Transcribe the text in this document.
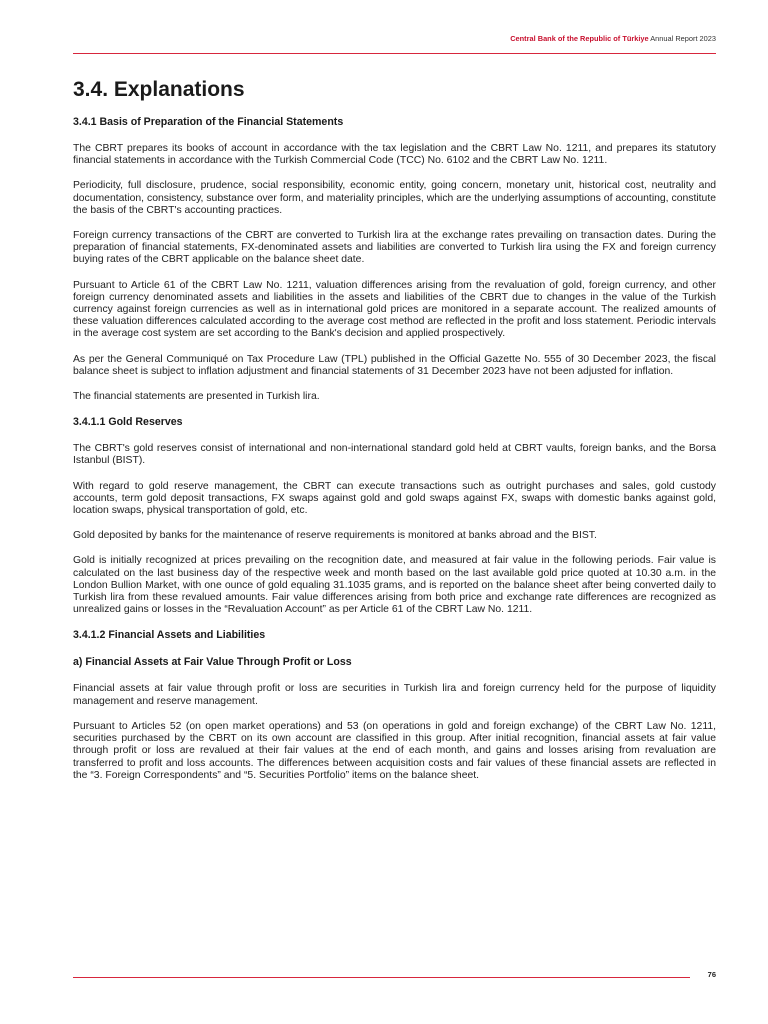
Central Bank of the Republic of Türkiye Annual Report 2023
3.4. Explanations
3.4.1 Basis of Preparation of the Financial Statements

The CBRT prepares its books of account in accordance with the tax legislation and the CBRT Law No. 1211, and prepares its statutory financial statements in accordance with the Turkish Commercial Code (TCC) No. 6102 and the CBRT Law No. 1211.

Periodicity, full disclosure, prudence, social responsibility, economic entity, going concern, monetary unit, historical cost, neutrality and documentation, consistency, substance over form, and materiality principles, which are the underlying assumptions of accounting, constitute the basis of the CBRT's accounting practices.

Foreign currency transactions of the CBRT are converted to Turkish lira at the exchange rates prevailing on transaction dates. During the preparation of financial statements, FX-denominated assets and liabilities are converted to Turkish lira using the FX and foreign currency buying rates of the CBRT applicable on the balance sheet date.

Pursuant to Article 61 of the CBRT Law No. 1211, valuation differences arising from the revaluation of gold, foreign currency, and other foreign currency denominated assets and liabilities in the assets and liabilities of the CBRT due to changes in the value of the Turkish currency against foreign currencies as well as in international gold prices are monitored in a separate account. The realized amounts of these valuation differences calculated according to the average cost method are reflected in the profit and loss statement. Periodic intervals in the average cost system are set according to the Bank's decision and applied prospectively.

As per the General Communiqué on Tax Procedure Law (TPL) published in the Official Gazette No. 555 of 30 December 2023, the fiscal balance sheet is subject to inflation adjustment and financial statements of 31 December 2023 have not been adjusted for inflation.

The financial statements are presented in Turkish lira.

3.4.1.1 Gold Reserves

The CBRT's gold reserves consist of international and non-international standard gold held at CBRT vaults, foreign banks, and the Borsa Istanbul (BIST).

With regard to gold reserve management, the CBRT can execute transactions such as outright purchases and sales, gold custody accounts, term gold deposit transactions, FX swaps against gold and gold swaps against FX, swaps with domestic banks against gold, location swaps, physical transportation of gold, etc.

Gold deposited by banks for the maintenance of reserve requirements is monitored at banks abroad and the BIST.

Gold is initially recognized at prices prevailing on the recognition date, and measured at fair value in the following periods. Fair value is calculated on the last business day of the respective week and month based on the last available gold price quoted at 10.30 a.m. in the London Bullion Market, with one ounce of gold equaling 31.1035 grams, and is reported on the balance sheet after being converted daily to Turkish lira from these revalued amounts. Fair value differences arising from both price and exchange rate differences are recognized as unrealized gains or losses in the “Revaluation Account” as per Article 61 of the CBRT Law No. 1211.

3.4.1.2 Financial Assets and Liabilities
a) Financial Assets at Fair Value Through Profit or Loss

Financial assets at fair value through profit or loss are securities in Turkish lira and foreign currency held for the purpose of liquidity management and reserve management.

Pursuant to Articles 52 (on open market operations) and 53 (on operations in gold and foreign exchange) of the CBRT Law No. 1211, securities purchased by the CBRT on its own account are classified in this group. After initial recognition, financial assets at fair value through profit or loss are revalued at their fair values at the end of each month, and gains and losses arising from revaluation are transferred to profit and loss accounts. The differences between acquisition costs and fair values of these financial assets are reflected in the “3. Foreign Correspondents” and “5. Securities Portfolio” items on the balance sheet.

76
